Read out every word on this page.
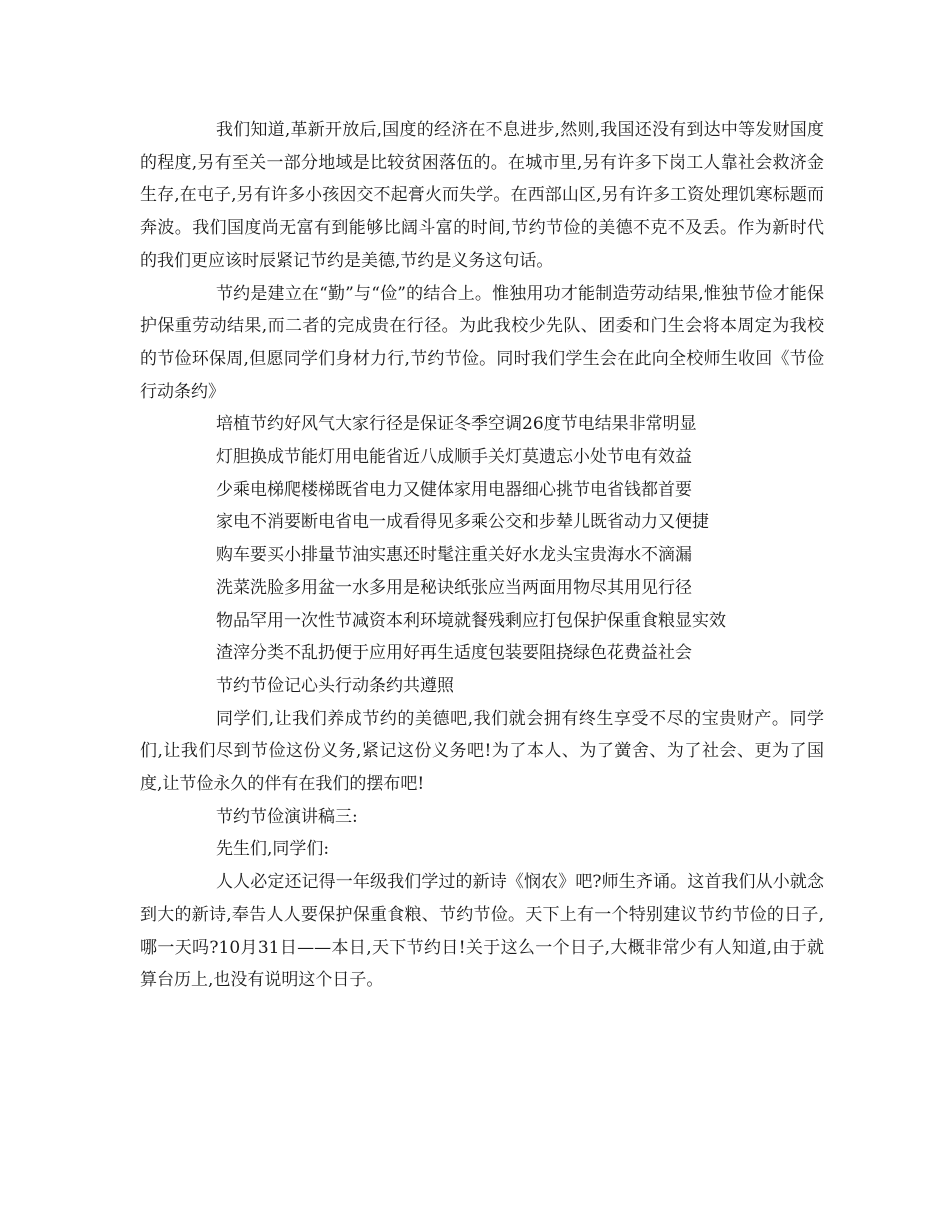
我们知道,革新开放后,国度的经济在不息进步,然则,我国还没有到达中等发财国度的程度,另有至关一部分地域是比较贫困落伍的。在城市里,另有许多下岗工人靠社会救济金生存,在屯子,另有许多小孩因交不起膏火而失学。在西部山区,另有许多工资处理饥寒标题而奔波。我们国度尚无富有到能够比阔斗富的时间,节约节俭的美德不克不及丢。作为新时代的我们更应该时辰紧记节约是美德,节约是义务这句话。

节约是建立在“勤”与“俭”的结合上。惟独用功才能制造劳动结果,惟独节俭才能保护保重劳动结果,而二者的完成贵在行径。为此我校少先队、团委和门生会将本周定为我校的节俭环保周,但愿同学们身材力行,节约节俭。同时我们学生会在此向全校师生收回《节俭行动条约》

培植节约好风气大家行径是保证冬季空调26度节电结果非常明显

灯胆换成节能灯用电能省近八成顺手关灯莫遗忘小处节电有效益

少乘电梯爬楼梯既省电力又健体家用电器细心挑节电省钱都首要

家电不消要断电省电一成看得见多乘公交和步辇儿既省动力又便捷

购车要买小排量节油实惠还时髦注重关好水龙头宝贵海水不滴漏

洗菜洗脸多用盆一水多用是秘诀纸张应当两面用物尽其用见行径

物品罕用一次性节减资本利环境就餐残剩应打包保护保重食粮显实效

渣滓分类不乱扔便于应用好再生适度包装要阻挠绿色花费益社会

节约节俭记心头行动条约共遵照

同学们,让我们养成节约的美德吧,我们就会拥有终生享受不尽的宝贵财产。同学们,让我们尽到节俭这份义务,紧记这份义务吧!为了本人、为了黉舍、为了社会、更为了国度,让节俭永久的伴有在我们的摆布吧!

节约节俭演讲稿三:

先生们,同学们:

人人必定还记得一年级我们学过的新诗《悯农》吧?师生齐诵。这首我们从小就念到大的新诗,奉告人人要保护保重食粮、节约节俭。天下上有一个特别建议节约节俭的日子,哪一天吗?10月31日——本日,天下节约日!关于这么一个日子,大概非常少有人知道,由于就算台历上,也没有说明这个日子。
